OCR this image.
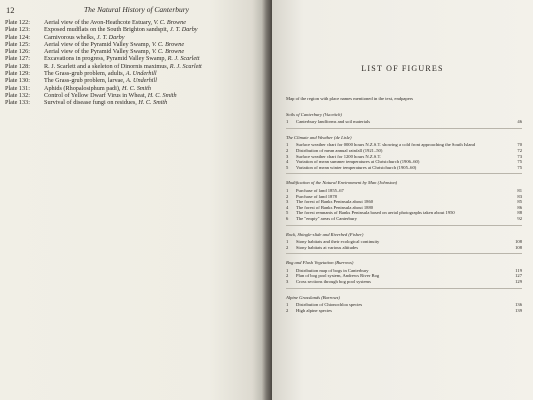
12	The Natural History of Canterbury
Plate 122:	Aerial view of the Avon-Heathcote Estuary, V. C. Browne
Plate 123:	Exposed mudflats on the South Brighton sandspit, J. T. Darby
Plate 124:	Carnivorous whelks, J. T. Darby
Plate 125:	Aerial view of the Pyramid Valley Swamp, V. C. Browne
Plate 126:	Aerial view of the Pyramid Valley Swamp, V. C. Browne
Plate 127:	Excavations in progress, Pyramid Valley Swamp, R. J. Scarlett
Plate 128:	R. J. Scarlett and a skeleton of Dinornis maximus, R. J. Scarlett
Plate 129:	The Grass-grub problem, adults, A. Underhill
Plate 130:	The Grass-grub problem, larvae, A. Underhill
Plate 131:	Aphids (Rhopalosiphum padi), H. C. Smith
Plate 132:	Control of Yellow Dwarf Virus in Wheat, H. C. Smith
Plate 133:	Survival of disease fungi on residues, H. C. Smith
LIST OF FIGURES
Map of the region with place names mentioned in the text, endpapers
Soils of Canterbury (Vucetich)
1	Canterbury landforms and soil materials	46
The Climate and Weather (de Lisle)
1	Surface weather chart for 0000 hours N.Z.S.T. showing a cold front approaching the South Island	70
2	Distribution of mean annual rainfall (1921–50)	72
3	Surface weather chart for 1200 hours N.Z.S.T.	73
4	Variation of mean summer temperatures at Christchurch (1906–60)	75
5	Variation of mean winter temperatures at Christchurch (1905–60)	75
Modification of the Natural Environment by Man (Johnston)
1	Purchase of land 1855–67	81
2	Purchase of land 1878	83
3	The forest of Banks Peninsula about 1860	85
4	The forest of Banks Peninsula about 1880	86
5	The forest remnants of Banks Peninsula based on aerial photographs taken about 1950	88
6	The "empty" areas of Canterbury	92
Rock, Shingle-slide and Riverbed (Fisher)
1	Stony habitats and their ecological continuity	108
2	Stony habitats at various altitudes	108
Bog and Flush Vegetation (Burrows)
1	Distribution map of bogs in Canterbury	119
2	Plan of bog pool system, Andrews River Bog	127
3	Cross sections through bog pool systems	129
Alpine Grasslands (Burrows)
1	Distribution of Chionochloa species	136
2	High alpine species	139
